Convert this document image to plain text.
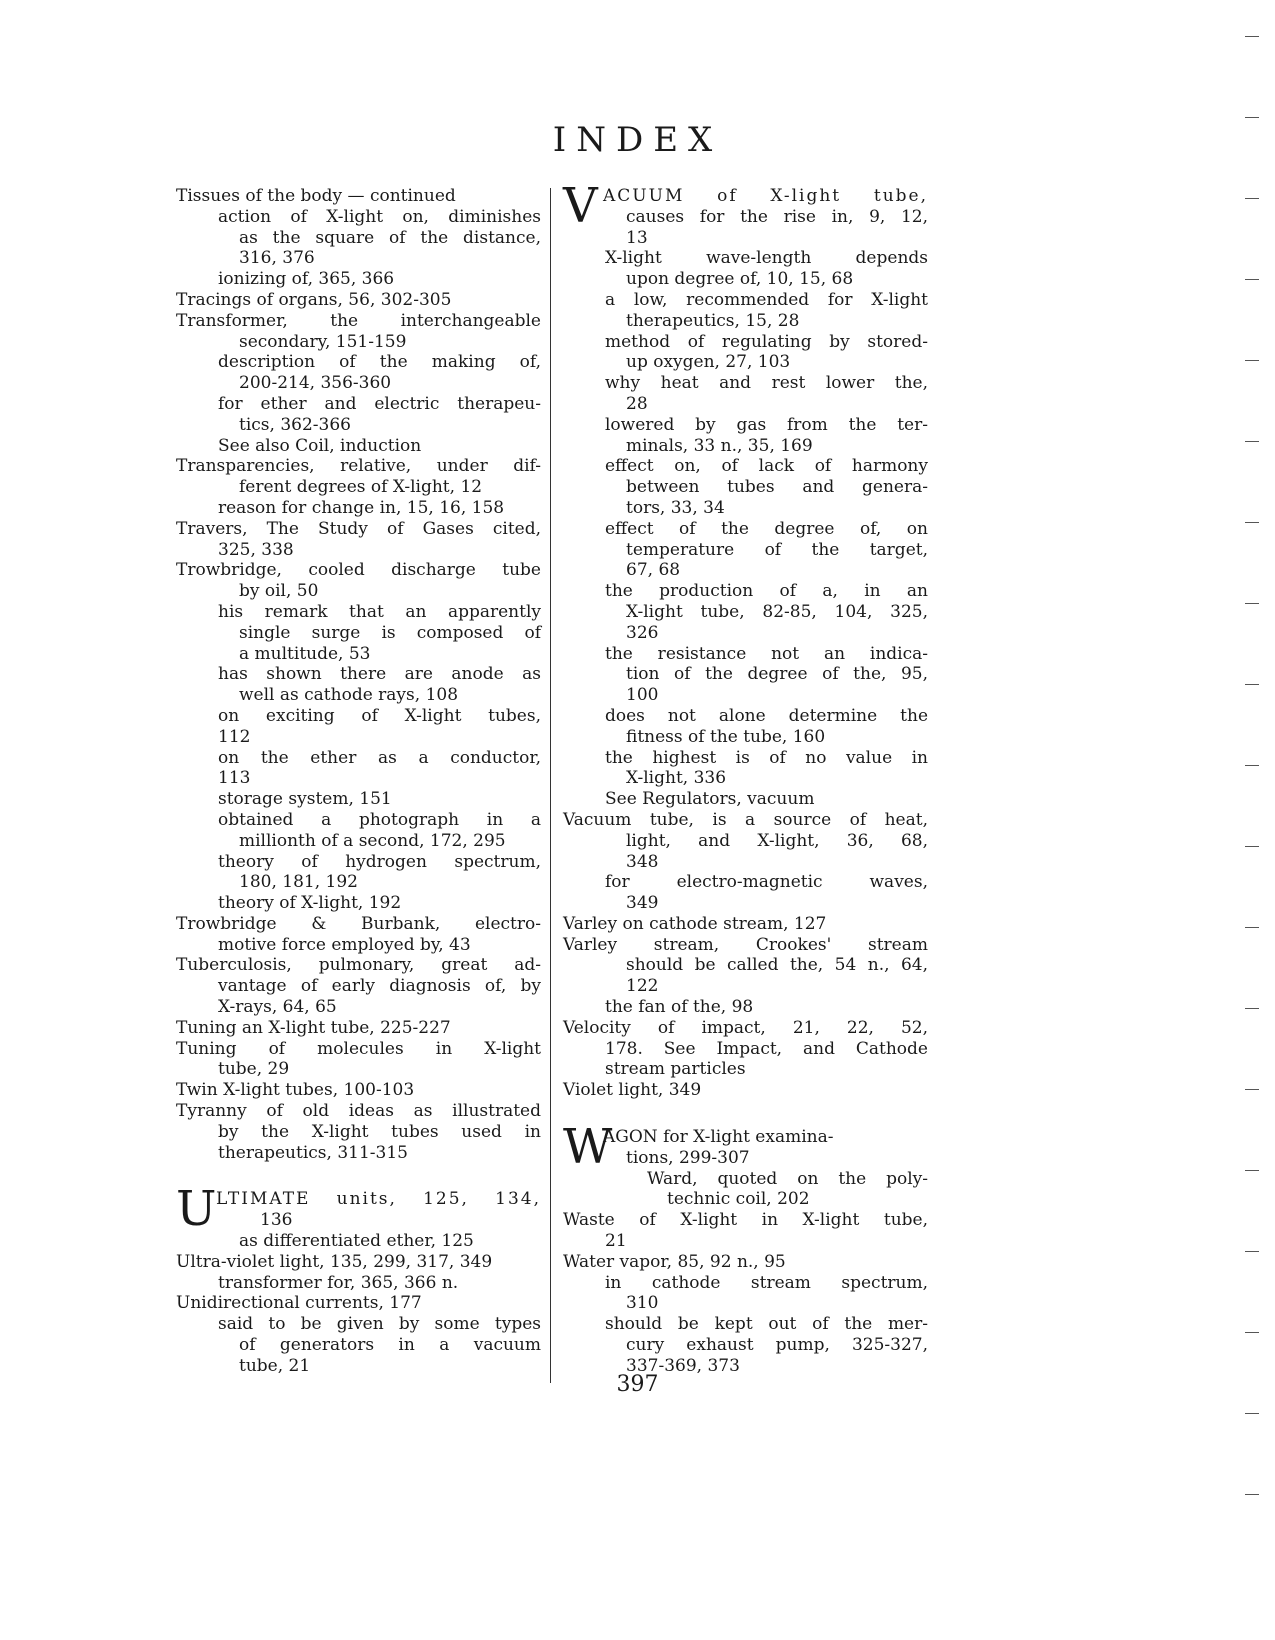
INDEX
Tissues of the body — continued
action of X-light on, diminishes
as the square of the distance,
316, 376
ionizing of, 365, 366
Tracings of organs, 56, 302-305
Transformer, the interchangeable
secondary, 151-159
description of the making of,
200-214, 356-360
for ether and electric therapeu-
tics, 362-366
See also Coil, induction
Transparencies, relative, under dif-
ferent degrees of X-light, 12
reason for change in, 15, 16, 158
Travers, The Study of Gases cited,
325, 338
Trowbridge, cooled discharge tube
by oil, 50
his remark that an apparently
single surge is composed of
a multitude, 53
has shown there are anode as
well as cathode rays, 108
on exciting of X-light tubes,
112
on the ether as a conductor,
113
storage system, 151
obtained a photograph in a
millionth of a second, 172, 295
theory of hydrogen spectrum,
180, 181, 192
theory of X-light, 192
Trowbridge & Burbank, electro-
motive force employed by, 43
Tuberculosis, pulmonary, great ad-
vantage of early diagnosis of, by
X-rays, 64, 65
Tuning an X-light tube, 225-227
Tuning of molecules in X-light
tube, 29
Twin X-light tubes, 100-103
Tyranny of old ideas as illustrated
by the X-light tubes used in
therapeutics, 311-315
U LTIMATE units, 125, 134,
136
as differentiated ether, 125
Ultra-violet light, 135, 299, 317, 349
transformer for, 365, 366 n.
Unidirectional currents, 177
said to be given by some types
of generators in a vacuum
tube, 21
V ACUUM of X-light tube,
causes for the rise in, 9, 12,
13
X-light wave-length depends
upon degree of, 10, 15, 68
a low, recommended for X-light
therapeutics, 15, 28
method of regulating by stored-
up oxygen, 27, 103
why heat and rest lower the,
28
lowered by gas from the ter-
minals, 33 n., 35, 169
effect on, of lack of harmony
between tubes and genera-
tors, 33, 34
effect of the degree of, on
temperature of the target,
67, 68
the production of a, in an
X-light tube, 82-85, 104, 325,
326
the resistance not an indica-
tion of the degree of the, 95,
100
does not alone determine the
fitness of the tube, 160
the highest is of no value in
X-light, 336
See Regulators, vacuum
Vacuum tube, is a source of heat,
light, and X-light, 36, 68,
348
for electro-magnetic waves,
349
Varley on cathode stream, 127
Varley stream, Crookes' stream
should be called the, 54 n., 64,
122
the fan of the, 98
Velocity of impact, 21, 22, 52,
178. See Impact, and Cathode
stream particles
Violet light, 349
W
AGON for X-light examina-
tions, 299-307
Ward, quoted on the poly-
technic coil, 202
Waste of X-light in X-light tube,
21
Water vapor, 85, 92 n., 95
in cathode stream spectrum,
310
should be kept out of the mer-
cury exhaust pump, 325-327,
337-369, 373
397
